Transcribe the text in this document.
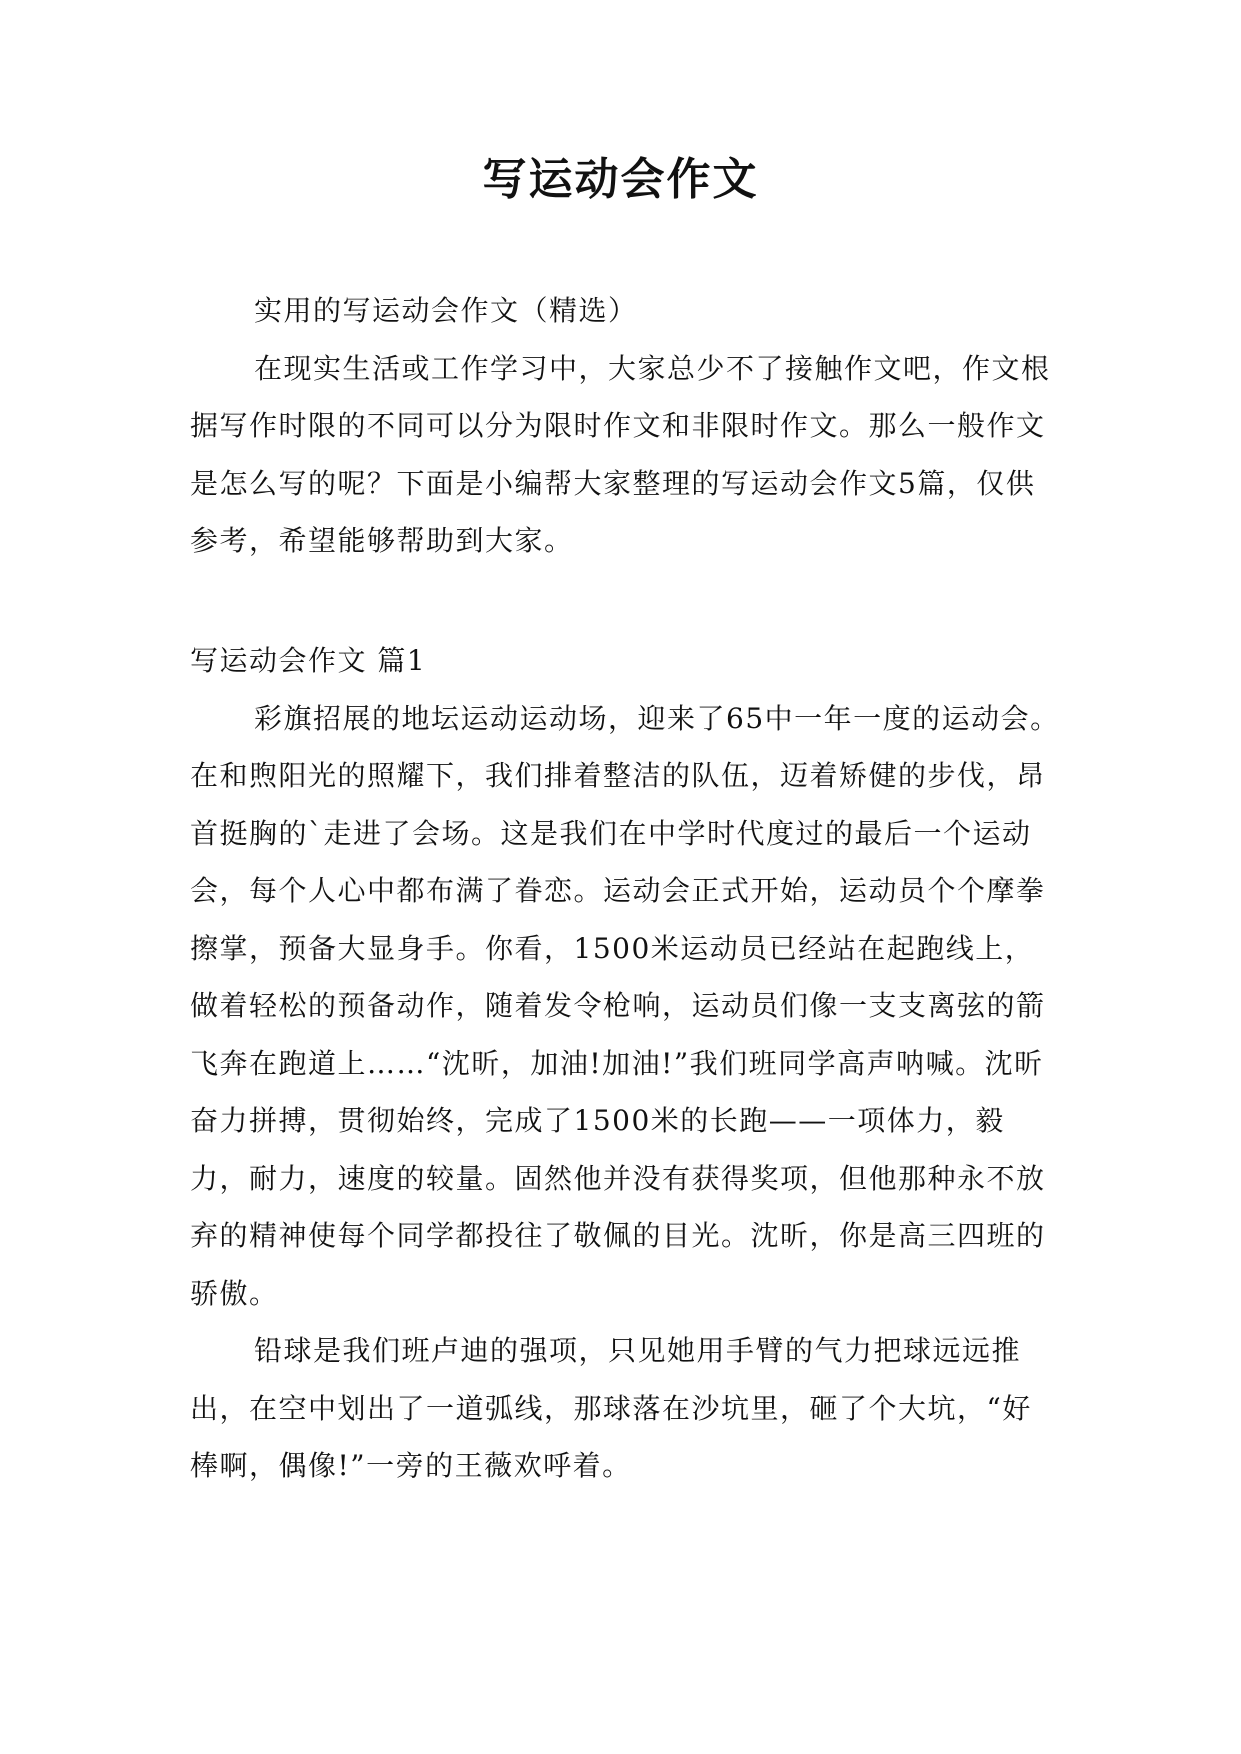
写运动会作文

实用的写运动会作文（精选）

在现实生活或工作学习中，大家总少不了接触作文吧，作文根据写作时限的不同可以分为限时作文和非限时作文。那么一般作文是怎么写的呢？下面是小编帮大家整理的写运动会作文5篇，仅供参考，希望能够帮助到大家。

写运动会作文 篇1

彩旗招展的地坛运动运动场，迎来了65中一年一度的运动会。在和煦阳光的照耀下，我们排着整洁的队伍，迈着矫健的步伐，昂首挺胸的`走进了会场。这是我们在中学时代度过的最后一个运动会，每个人心中都布满了眷恋。运动会正式开始，运动员个个摩拳擦掌，预备大显身手。你看，1500米运动员已经站在起跑线上，做着轻松的预备动作，随着发令枪响，运动员们像一支支离弦的箭飞奔在跑道上……“沈昕，加油!加油!”我们班同学高声呐喊。沈昕奋力拼搏，贯彻始终，完成了1500米的长跑——一项体力，毅力，耐力，速度的较量。固然他并没有获得奖项，但他那种永不放弃的精神使每个同学都投往了敬佩的目光。沈昕，你是高三四班的骄傲。

铅球是我们班卢迪的强项，只见她用手臂的气力把球远远推出，在空中划出了一道弧线，那球落在沙坑里，砸了个大坑，“好棒啊，偶像!”一旁的王薇欢呼着。
